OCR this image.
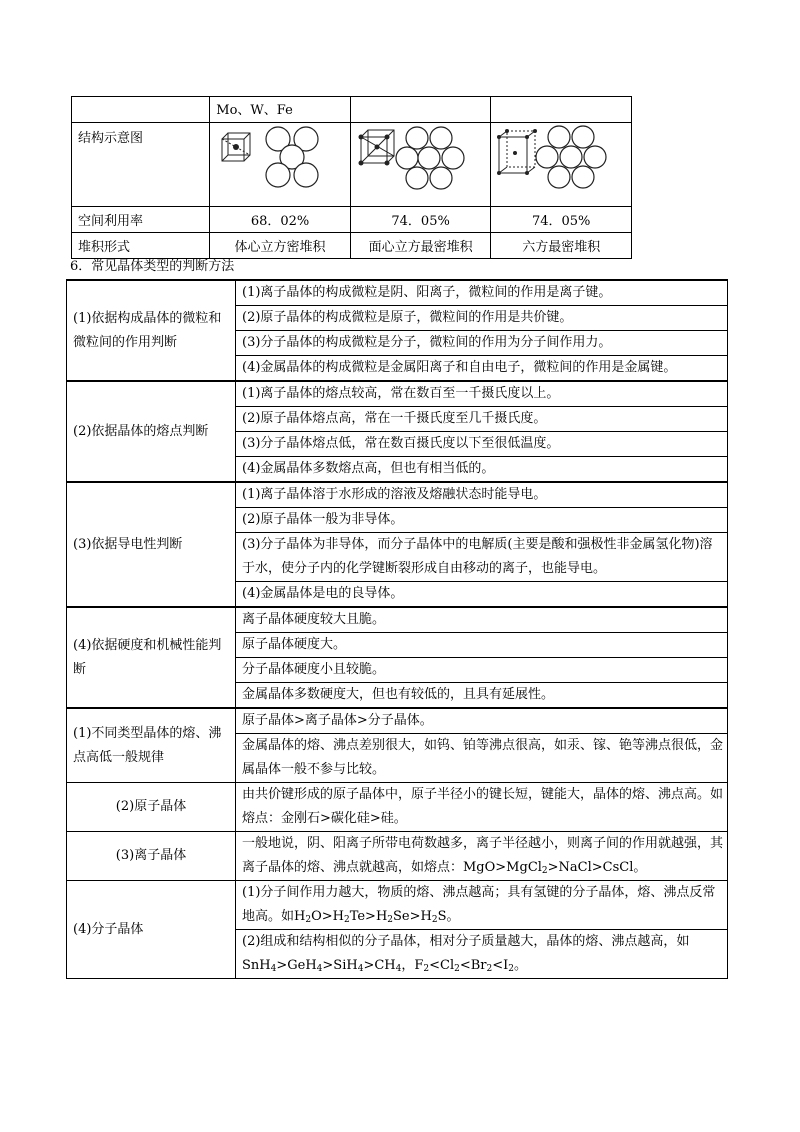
	Mo、W、Fe		
结构示意图	

空间利用率	68．02%	74．05%	74．05%
堆积形式	体心立方密堆积	面心立方最密堆积	六方最密堆积
6．常见晶体类型的判断方法
(1)依据构成晶体的微粒和微粒间的作用判断	(1)离子晶体的构成微粒是阴、阳离子，微粒间的作用是离子键。
	(2)原子晶体的构成微粒是原子，微粒间的作用是共价键。
	(3)分子晶体的构成微粒是分子，微粒间的作用为分子间作用力。
	(4)金属晶体的构成微粒是金属阳离子和自由电子，微粒间的作用是金属键。
(2)依据晶体的熔点判断	(1)离子晶体的熔点较高，常在数百至一千摄氏度以上。
	(2)原子晶体熔点高，常在一千摄氏度至几千摄氏度。
	(3)分子晶体熔点低，常在数百摄氏度以下至很低温度。
	(4)金属晶体多数熔点高，但也有相当低的。
(3)依据导电性判断	(1)离子晶体溶于水形成的溶液及熔融状态时能导电。
	(2)原子晶体一般为非导体。
	(3)分子晶体为非导体，而分子晶体中的电解质(主要是酸和强极性非金属氢化物)溶于水，使分子内的化学键断裂形成自由移动的离子，也能导电。
	(4)金属晶体是电的良导体。
(4)依据硬度和机械性能判断	离子晶体硬度较大且脆。
	原子晶体硬度大。
	分子晶体硬度小且较脆。
	金属晶体多数硬度大，但也有较低的，且具有延展性。
(1)不同类型晶体的熔、沸点高低一般规律	原子晶体>离子晶体>分子晶体。
	金属晶体的熔、沸点差别很大，如钨、铂等沸点很高，如汞、镓、铯等沸点很低，金属晶体一般不参与比较。
(2)原子晶体	由共价键形成的原子晶体中，原子半径小的键长短，键能大，晶体的熔、沸点高。如熔点：金刚石>碳化硅>硅。
(3)离子晶体	一般地说，阴、阳离子所带电荷数越多，离子半径越小，则离子间的作用就越强，其离子晶体的熔、沸点就越高，如熔点：MgO>MgCl$_2$>NaCl>CsCl。
(4)分子晶体	(1)分子间作用力越大，物质的熔、沸点越高；具有氢键的分子晶体，熔、沸点反常地高。如$H_2O>H_2Te>H_2Se>H_2S$。
	(2)组成和结构相似的分子晶体，相对分子质量越大，晶体的熔、沸点越高，如$SnH_4>GeH_4>SiH_4>CH_4$，$F_2<Cl_2<Br_2<I_2$。
